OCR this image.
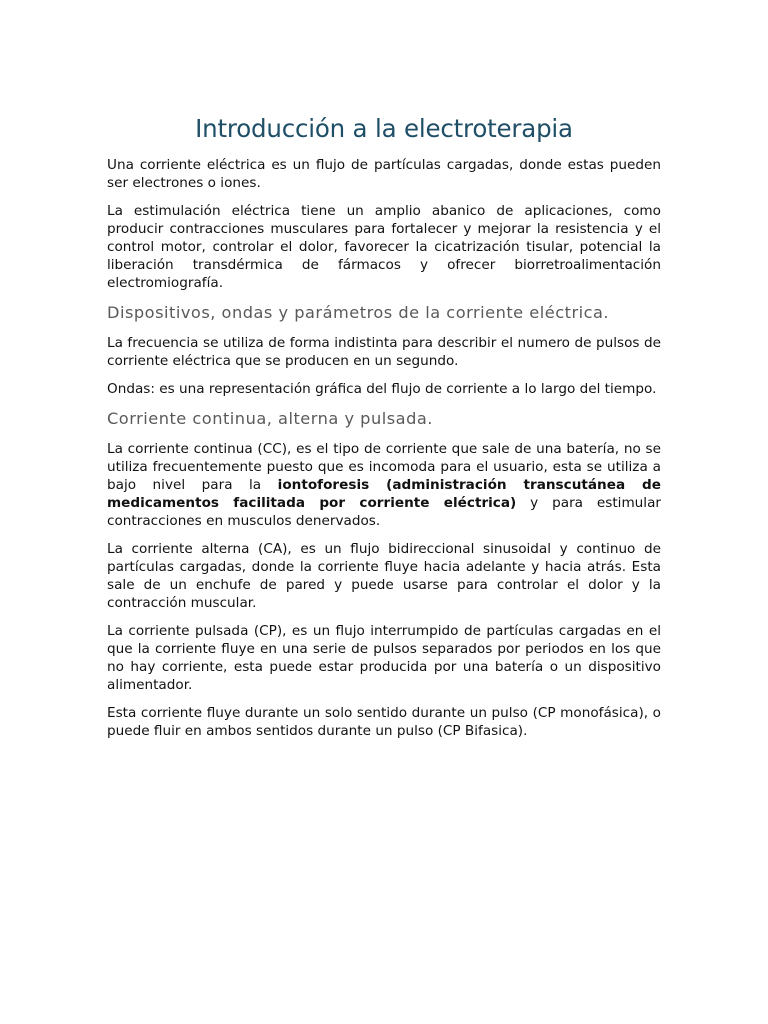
Introducción a la electroterapia

Una corriente eléctrica es un flujo de partículas cargadas, donde estas pueden ser electrones o iones.

La estimulación eléctrica tiene un amplio abanico de aplicaciones, como producir contracciones musculares para fortalecer y mejorar la resistencia y el control motor, controlar el dolor, favorecer la cicatrización tisular, potencial la liberación transdérmica de fármacos y ofrecer biorretroalimentación electromiografía.

Dispositivos, ondas y parámetros de la corriente eléctrica.

La frecuencia se utiliza de forma indistinta para describir el numero de pulsos de corriente eléctrica que se producen en un segundo.

Ondas: es una representación gráfica del flujo de corriente a lo largo del tiempo.

Corriente continua, alterna y pulsada.

La corriente continua (CC), es el tipo de corriente que sale de una batería, no se utiliza frecuentemente puesto que es incomoda para el usuario, esta se utiliza a bajo nivel para la iontoforesis (administración transcutánea de medicamentos facilitada por corriente eléctrica) y para estimular contracciones en musculos denervados.

La corriente alterna (CA), es un flujo bidireccional sinusoidal y continuo de partículas cargadas, donde la corriente fluye hacia adelante y hacia atrás. Esta sale de un enchufe de pared y puede usarse para controlar el dolor y la contracción muscular.

La corriente pulsada (CP), es un flujo interrumpido de partículas cargadas en el que la corriente fluye en una serie de pulsos separados por periodos en los que no hay corriente, esta puede estar producida por una batería o un dispositivo alimentador.

Esta corriente fluye durante un solo sentido durante un pulso (CP monofásica), o puede fluir en ambos sentidos durante un pulso (CP Bifasica).
